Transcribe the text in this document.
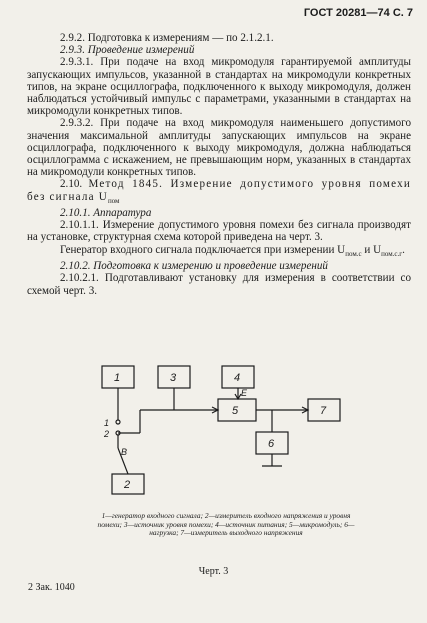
ГОСТ 20281—74 С. 7

2.9.2. Подготовка к измерениям — по 2.1.2.1.

2.9.3. Проведение измерений

2.9.3.1. При подаче на вход микромодуля гарантируемой амплитуды запускающих импульсов, указанной в стандартах на микромодули конкретных типов, на экране осциллографа, подключенного к выходу микромодуля, должен наблюдаться устойчивый импульс с параметрами, указанными в стандартах на микромодули конкретных типов.

2.9.3.2. При подаче на вход микромодуля наименьшего допустимого значения максимальной амплитуды запускающих импульсов на экране осциллографа, подключенного к выходу микромодуля, должна наблюдаться осциллограмма с искажением, не превышающим норм, указанных в стандартах на микромодули конкретных типов.

2.10. Метод 1845. Измерение допустимого уровня помехи без сигнала $U_{пом}$

2.10.1. Аппаратура

2.10.1.1. Измерение допустимого уровня помехи без сигнала производят на установке, структурная схема которой приведена на черт. 3.

Генератор входного сигнала подключается при измерении $U_{пом.с}$ и $U_{пом.с.г}$.

2.10.2. Подготовка к измерению и проведение измерений

2.10.2.1. Подготавливают установку для измерения в соответствии со схемой черт. 3.

1	3	4
5	7
6
2
1
2
В
Е
1—генератор входного сигнала; 2—измеритель входного напряжения и уровня помехи; 3—источник уровня помехи; 4—источник питания; 5—микромодуль; 6—нагрузка; 7—измеритель выходного напряжения
Черт. 3
2 Зак. 1040
